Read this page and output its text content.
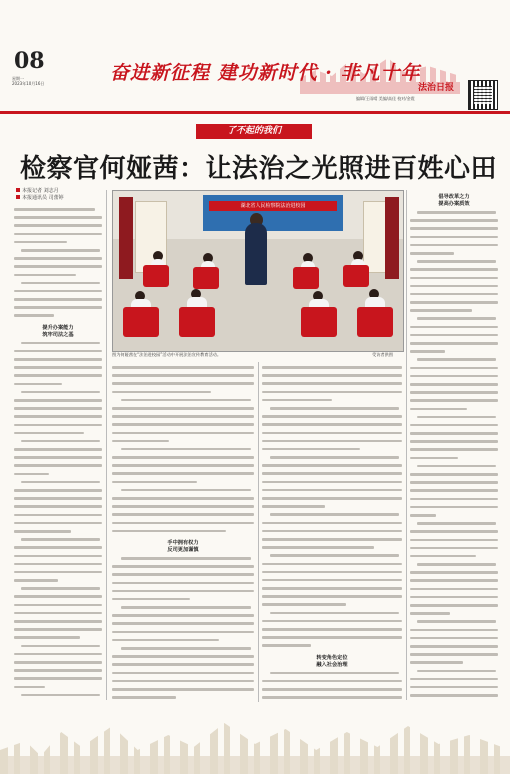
08
星期一
2023年10月16日	奋进新征程 建功新时代 · 非凡十年
法治日报
编辑/王雨晴 美编/高佳 校对/金霞
了不起的我们
检察官何娅茜：让法治之光照进百姓心田
本报记者 刘志月
本报通讯员 司蕾婷
湖北省人民检察院法治进校园
图为何娅茜在“法治进校园”活动中开展法治宣传教育活动。	受访者供图
提升办案能力
筑牢司法之基
手中拥有权力
反司更加谨慎
转变角色定位
融入社会治理
倡导改革之力
提高办案质效
